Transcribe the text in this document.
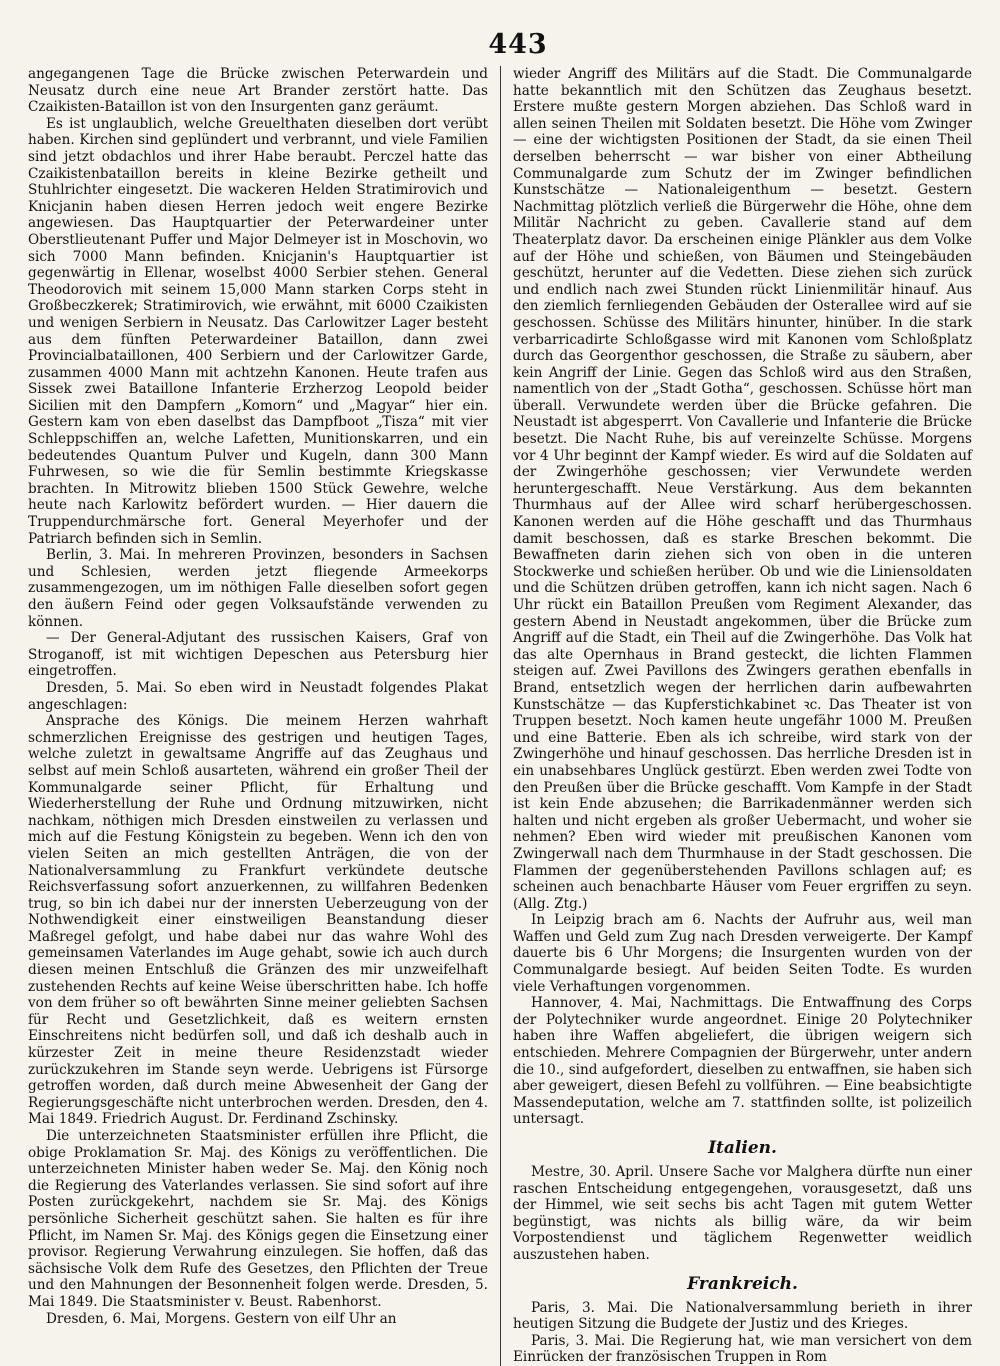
443

angegangenen Tage die Brücke zwischen Peterwardein und Neusatz durch eine neue Art Brander zerstört hatte. Das Czaikisten-Bataillon ist von den Insurgenten ganz geräumt.

Es ist unglaublich, welche Greuelthaten dieselben dort verübt haben. Kirchen sind geplündert und verbrannt, und viele Familien sind jetzt obdachlos und ihrer Habe beraubt. Perczel hatte das Czaikistenbataillon bereits in kleine Bezirke getheilt und Stuhlrichter eingesetzt. Die wackeren Helden Stratimirovich und Knicjanin haben diesen Herren jedoch weit engere Bezirke angewiesen. Das Hauptquartier der Peterwardeiner unter Oberstlieutenant Puffer und Major Delmeyer ist in Moschovin, wo sich 7000 Mann befinden. Knicjanin's Hauptquartier ist gegenwärtig in Ellenar, woselbst 4000 Serbier stehen. General Theodorovich mit seinem 15,000 Mann starken Corps steht in Großbeczkerek; Stratimirovich, wie erwähnt, mit 6000 Czaikisten und wenigen Serbiern in Neusatz. Das Carlowitzer Lager besteht aus dem fünften Peterwardeiner Bataillon, dann zwei Provincialbataillonen, 400 Serbiern und der Carlowitzer Garde, zusammen 4000 Mann mit achtzehn Kanonen. Heute trafen aus Sissek zwei Bataillone Infanterie Erzherzog Leopold beider Sicilien mit den Dampfern „Komorn“ und „Magyar“ hier ein. Gestern kam von eben daselbst das Dampfboot „Tisza“ mit vier Schleppschiffen an, welche Lafetten, Munitionskarren, und ein bedeutendes Quantum Pulver und Kugeln, dann 300 Mann Fuhrwesen, so wie die für Semlin bestimmte Kriegskasse brachten. In Mitrowitz blieben 1500 Stück Gewehre, welche heute nach Karlowitz befördert wurden. — Hier dauern die Truppendurchmärsche fort. General Meyerhofer und der Patriarch befinden sich in Semlin.

Berlin, 3. Mai. In mehreren Provinzen, besonders in Sachsen und Schlesien, werden jetzt fliegende Armeekorps zusammengezogen, um im nöthigen Falle dieselben sofort gegen den äußern Feind oder gegen Volksaufstände verwenden zu können.

— Der General-Adjutant des russischen Kaisers, Graf von Stroganoff, ist mit wichtigen Depeschen aus Petersburg hier eingetroffen.

Dresden, 5. Mai. So eben wird in Neustadt folgendes Plakat angeschlagen:

Ansprache des Königs. Die meinem Herzen wahrhaft schmerzlichen Ereignisse des gestrigen und heutigen Tages, welche zuletzt in gewaltsame Angriffe auf das Zeughaus und selbst auf mein Schloß ausarteten, während ein großer Theil der Kommunalgarde seiner Pflicht, für Erhaltung und Wiederherstellung der Ruhe und Ordnung mitzuwirken, nicht nachkam, nöthigen mich Dresden einstweilen zu verlassen und mich auf die Festung Königstein zu begeben. Wenn ich den von vielen Seiten an mich gestellten Anträgen, die von der Nationalversammlung zu Frankfurt verkündete deutsche Reichsverfassung sofort anzuerkennen, zu willfahren Bedenken trug, so bin ich dabei nur der innersten Ueberzeugung von der Nothwendigkeit einer einstweiligen Beanstandung dieser Maßregel gefolgt, und habe dabei nur das wahre Wohl des gemeinsamen Vaterlandes im Auge gehabt, sowie ich auch durch diesen meinen Entschluß die Gränzen des mir unzweifelhaft zustehenden Rechts auf keine Weise überschritten habe. Ich hoffe von dem früher so oft bewährten Sinne meiner geliebten Sachsen für Recht und Gesetzlichkeit, daß es weitern ernsten Einschreitens nicht bedürfen soll, und daß ich deshalb auch in kürzester Zeit in meine theure Residenzstadt wieder zurückzukehren im Stande seyn werde. Uebrigens ist Fürsorge getroffen worden, daß durch meine Abwesenheit der Gang der Regierungsgeschäfte nicht unterbrochen werden. Dresden, den 4. Mai 1849. Friedrich August. Dr. Ferdinand Zschinsky.

Die unterzeichneten Staatsminister erfüllen ihre Pflicht, die obige Proklamation Sr. Maj. des Königs zu veröffentlichen. Die unterzeichneten Minister haben weder Se. Maj. den König noch die Regierung des Vaterlandes verlassen. Sie sind sofort auf ihre Posten zurückgekehrt, nachdem sie Sr. Maj. des Königs persönliche Sicherheit geschützt sahen. Sie halten es für ihre Pflicht, im Namen Sr. Maj. des Königs gegen die Einsetzung einer provisor. Regierung Verwahrung einzulegen. Sie hoffen, daß das sächsische Volk dem Rufe des Gesetzes, den Pflichten der Treue und den Mahnungen der Besonnenheit folgen werde. Dresden, 5. Mai 1849. Die Staatsminister v. Beust. Rabenhorst.

Dresden, 6. Mai, Morgens. Gestern von eilf Uhr an

wieder Angriff des Militärs auf die Stadt. Die Communalgarde hatte bekanntlich mit den Schützen das Zeughaus besetzt. Erstere mußte gestern Morgen abziehen. Das Schloß ward in allen seinen Theilen mit Soldaten besetzt. Die Höhe vom Zwinger — eine der wichtigsten Positionen der Stadt, da sie einen Theil derselben beherrscht — war bisher von einer Abtheilung Communalgarde zum Schutz der im Zwinger befindlichen Kunstschätze — Nationaleigenthum — besetzt. Gestern Nachmittag plötzlich verließ die Bürgerwehr die Höhe, ohne dem Militär Nachricht zu geben. Cavallerie stand auf dem Theaterplatz davor. Da erscheinen einige Plänkler aus dem Volke auf der Höhe und schießen, von Bäumen und Steingebäuden geschützt, herunter auf die Vedetten. Diese ziehen sich zurück und endlich nach zwei Stunden rückt Linienmilitär hinauf. Aus den ziemlich fernliegenden Gebäuden der Osterallee wird auf sie geschossen. Schüsse des Militärs hinunter, hinüber. In die stark verbarricadirte Schloßgasse wird mit Kanonen vom Schloßplatz durch das Georgenthor geschossen, die Straße zu säubern, aber kein Angriff der Linie. Gegen das Schloß wird aus den Straßen, namentlich von der „Stadt Gotha“, geschossen. Schüsse hört man überall. Verwundete werden über die Brücke gefahren. Die Neustadt ist abgesperrt. Von Cavallerie und Infanterie die Brücke besetzt. Die Nacht Ruhe, bis auf vereinzelte Schüsse. Morgens vor 4 Uhr beginnt der Kampf wieder. Es wird auf die Soldaten auf der Zwingerhöhe geschossen; vier Verwundete werden heruntergeschafft. Neue Verstärkung. Aus dem bekannten Thurmhaus auf der Allee wird scharf herübergeschossen. Kanonen werden auf die Höhe geschafft und das Thurmhaus damit beschossen, daß es starke Breschen bekommt. Die Bewaffneten darin ziehen sich von oben in die unteren Stockwerke und schießen herüber. Ob und wie die Liniensoldaten und die Schützen drüben getroffen, kann ich nicht sagen. Nach 6 Uhr rückt ein Bataillon Preußen vom Regiment Alexander, das gestern Abend in Neustadt angekommen, über die Brücke zum Angriff auf die Stadt, ein Theil auf die Zwingerhöhe. Das Volk hat das alte Opernhaus in Brand gesteckt, die lichten Flammen steigen auf. Zwei Pavillons des Zwingers gerathen ebenfalls in Brand, entsetzlich wegen der herrlichen darin aufbewahrten Kunstschätze — das Kupferstichkabinet ꝛc. Das Theater ist von Truppen besetzt. Noch kamen heute ungefähr 1000 M. Preußen und eine Batterie. Eben als ich schreibe, wird stark von der Zwingerhöhe und hinauf geschossen. Das herrliche Dresden ist in ein unabsehbares Unglück gestürzt. Eben werden zwei Todte von den Preußen über die Brücke geschafft. Vom Kampfe in der Stadt ist kein Ende abzusehen; die Barrikadenmänner werden sich halten und nicht ergeben als großer Uebermacht, und woher sie nehmen? Eben wird wieder mit preußischen Kanonen vom Zwingerwall nach dem Thurmhause in der Stadt geschossen. Die Flammen der gegenüberstehenden Pavillons schlagen auf; es scheinen auch benachbarte Häuser vom Feuer ergriffen zu seyn. (Allg. Ztg.)

In Leipzig brach am 6. Nachts der Aufruhr aus, weil man Waffen und Geld zum Zug nach Dresden verweigerte. Der Kampf dauerte bis 6 Uhr Morgens; die Insurgenten wurden von der Communalgarde besiegt. Auf beiden Seiten Todte. Es wurden viele Verhaftungen vorgenommen.

Hannover, 4. Mai, Nachmittags. Die Entwaffnung des Corps der Polytechniker wurde angeordnet. Einige 20 Polytechniker haben ihre Waffen abgeliefert, die übrigen weigern sich entschieden. Mehrere Compagnien der Bürgerwehr, unter andern die 10., sind aufgefordert, dieselben zu entwaffnen, sie haben sich aber geweigert, diesen Befehl zu vollführen. — Eine beabsichtigte Massendeputation, welche am 7. stattfinden sollte, ist polizeilich untersagt.

Italien.

Mestre, 30. April. Unsere Sache vor Malghera dürfte nun einer raschen Entscheidung entgegengehen, vorausgesetzt, daß uns der Himmel, wie seit sechs bis acht Tagen mit gutem Wetter begünstigt, was nichts als billig wäre, da wir beim Vorpostendienst und täglichem Regenwetter weidlich auszustehen haben.

Frankreich.

Paris, 3. Mai. Die Nationalversammlung berieth in ihrer heutigen Sitzung die Budgete der Justiz und des Krieges.

Paris, 3. Mai. Die Regierung hat, wie man versichert von dem Einrücken der französischen Truppen in Rom
